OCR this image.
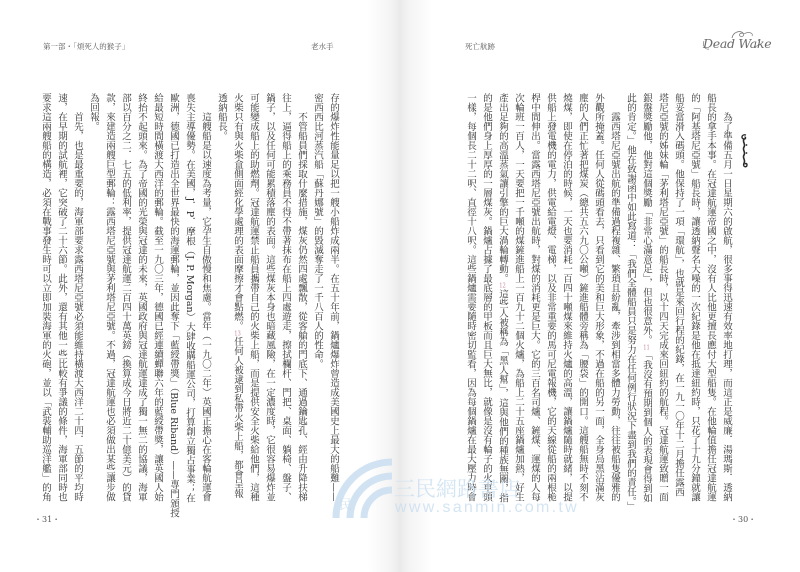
第一部・「煩死人的猴子」	老水手	死亡航跡	Dead Wake
為了準備五月一日星期六的啟航，很多事得迅速有效率地打理，而這正是威廉．湯瑪斯．透納
船長的拿手本事。在冠達航運帝國之中，沒有人比他更擅長應付大型船隻。在他輪值擔任冠達航運
的「阿基塔尼亞號」船長時，讓透納聲名大噪的一次紀錄是他在抵達紐約時，只花了十九分鐘就讓
船妥當滑入碼頭。他保持了一項「環航」，也就是來回行程的紀錄，在一九一〇年十二月擔任露西
塔尼亞號的姊妹輪「茅利塔尼亞號」的船長時，以十四天完成來回紐約的航程。冠達航運致贈一面
銀盤獎勵他，他對這個獎勵「非常心滿意足」，但也很意外。11「我沒有預期到個人的表現會得到如
此的肯定。」他在致謝函中如此寫道：「我們全體船員只是努力在任何例行狀況下盡到我們的責任。」
露西塔尼亞號出航的準備過程複雜、繁瑣且紛亂，牽涉到相當多體力勞動，往往被船隻優雅的
外觀所掩蓋。任何人從碼頭看去，只看到它的美和巨大形象，不過在船的另一面，全身烏黑沾滿灰
塵的人們正忙著把煤炭（總共五六九〇公噸）鏟進船體旁稱為「腰袋」的開口。這艘船無時不刻不
燒煤，即使在停泊的時候，一天也要消耗一百四十噸煤來維持火爐的高溫，讓鍋爐隨時就緒，以提
供船上發電機的電力，供電給電燈、電梯，以及非常重要的馬可尼電報機，它的天線從船的兩根桅
桿中間伸出。當露西塔尼亞號出航時，對煤的消耗更是巨大。它的三百名司爐、鏟煤、運煤的人每
次輪班一百人，一天要把一千噸的煤鏟進船上一百九十二個火爐，為船上二十五座鍋爐加熱，好生
產出足夠的高溫蒸氣讓引擎的巨大渦輪轉動。12這些人被稱為「黑人幫」，這與他們的種族無關，指
的是他們身上厚厚的一層煤灰。鍋爐占據了最底層的甲板而且巨大無比，就像是沒有輪子的火車頭
一樣，每個長二十二呎、直徑十八呎。這些鍋爐需要隨時密切監看，因為每個鍋爐在最大壓力時會
存的爆炸性能量足以把一艘小船炸成兩半。在五十年前，鍋爐爆炸曾造成美國史上最大的船難——
密西西比河蒸汽船「蘇丹娜號」的毀滅奪走了一千八百人的性命。
不管船員們採取什麼措施，煤灰仍然四處飄散，從客艙的門底下、通過鑰匙孔、經由升降扶梯
往上，逼得船上的乘務員不得不帶著抹布在船上四處遊走，擦拭欄杆、門把、桌面、躺椅、盤子、
鍋子，以及任何可能累積落塵的表面。這些煤灰本身也暗藏風險，在一定濃度時，它很容易爆炸並
可能變成船上的助燃劑。冠達航運禁止船員攜帶自己的火柴上船，而是提供安全火柴給他們，這種
火柴只有與火柴盒側面經化學處理的表面摩擦才會點燃。13任何人被逮到私帶火柴上船，都會呈報
透納船長。
這艘船是以速度為考量，它孕生自傲慢和焦慮。當年（一九〇二年）英國正擔心在客輪航運會
喪失主導優勢。在美國，J．P．摩根（J. P. Morgan）大肆收購船運公司，打算創立獨占事業；在
歐洲，德國已打造出全世界最快的海運郵輪，並因此奪下「藍綬帶獎」（Blue Riband）——專門頒授
給最短時間橫渡大西洋的郵輪。截至一九〇三年，德國已經連續蟬聯六年的藍綬帶獎，讓英國人始
終抬不起頭來。為了帝國的光榮與冠達的未來，英國政府與冠達航運達成了獨一無二的協議，海軍
部以百分之二．七五的低利率，提供冠達航運二百四十萬英鎊（換算成今日將近二十億美元）的貸
款，來建造兩艘巨型郵輪：露西塔尼亞號與茅利塔尼亞號。不過，冠達航運也必須做出某些讓步做
為回報。
首先，也是最重要的，海軍部要求露西塔尼亞號必須能維持橫渡大西洋二十四．五節的平均時
速，在早期的試航裡，它突破了二十六節。此外，還有其他一些比較有爭議的條件，海軍部同時也
要求這兩艘船的構造，必須在戰事發生時可以立即加裝海軍的火砲，並以「武裝輔助巡洋艦」的角
・31・	・30・
民
三民網路書店
www.sanmin.com.tw
